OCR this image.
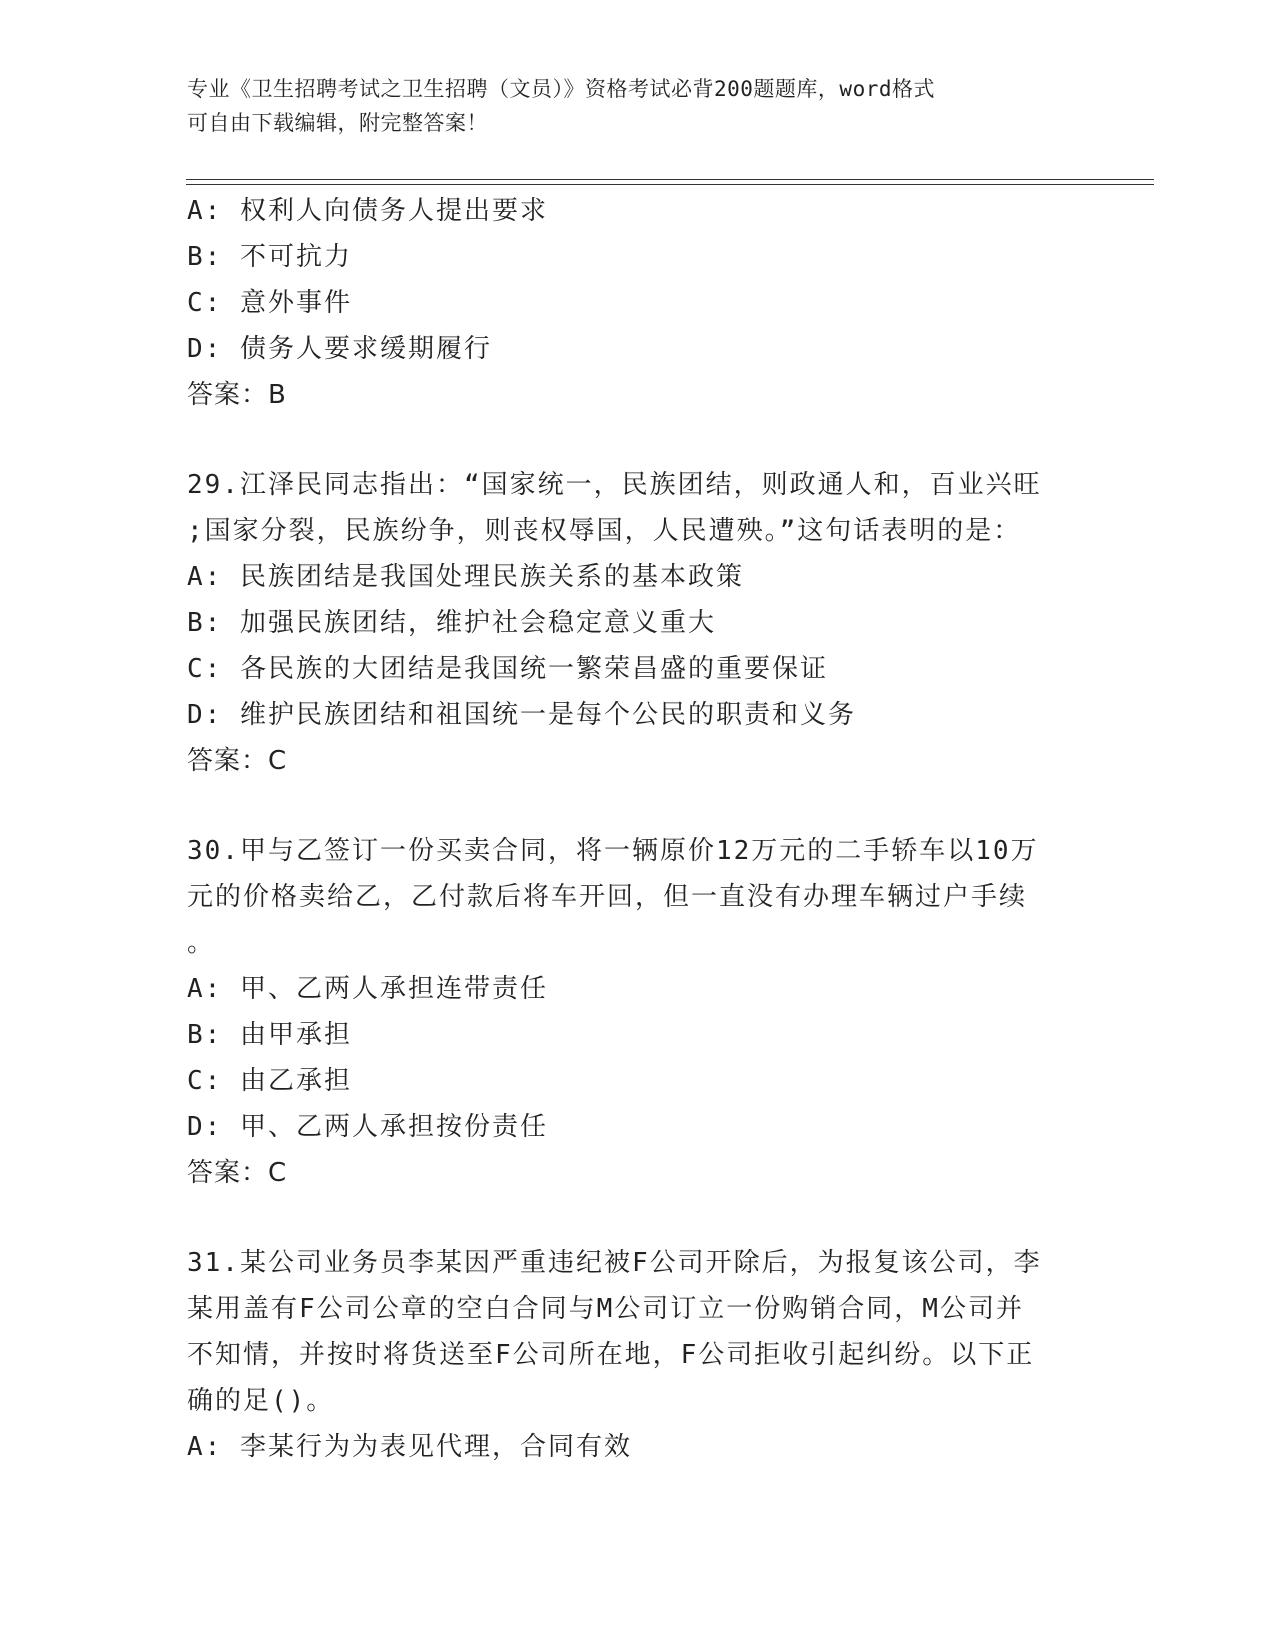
专业《卫生招聘考试之卫生招聘（文员）》资格考试必背200题题库，word格式
可自由下载编辑，附完整答案！
A: 权利人向债务人提出要求
B: 不可抗力
C: 意外事件
D: 债务人要求缓期履行
答案：B
29.江泽民同志指出：“国家统一，民族团结，则政通人和，百业兴旺
;国家分裂，民族纷争，则丧权辱国，人民遭殃。”这句话表明的是：
A: 民族团结是我国处理民族关系的基本政策
B: 加强民族团结，维护社会稳定意义重大
C: 各民族的大团结是我国统一繁荣昌盛的重要保证
D: 维护民族团结和祖国统一是每个公民的职责和义务
答案：C
30.甲与乙签订一份买卖合同，将一辆原价12万元的二手轿车以10万
元的价格卖给乙，乙付款后将车开回，但一直没有办理车辆过户手续
。
A: 甲、乙两人承担连带责任
B: 由甲承担
C: 由乙承担
D: 甲、乙两人承担按份责任
答案：C
31.某公司业务员李某因严重违纪被F公司开除后，为报复该公司，李
某用盖有F公司公章的空白合同与M公司订立一份购销合同，M公司并
不知情，并按时将货送至F公司所在地，F公司拒收引起纠纷。以下正
确的足()。
A: 李某行为为表见代理，合同有效
